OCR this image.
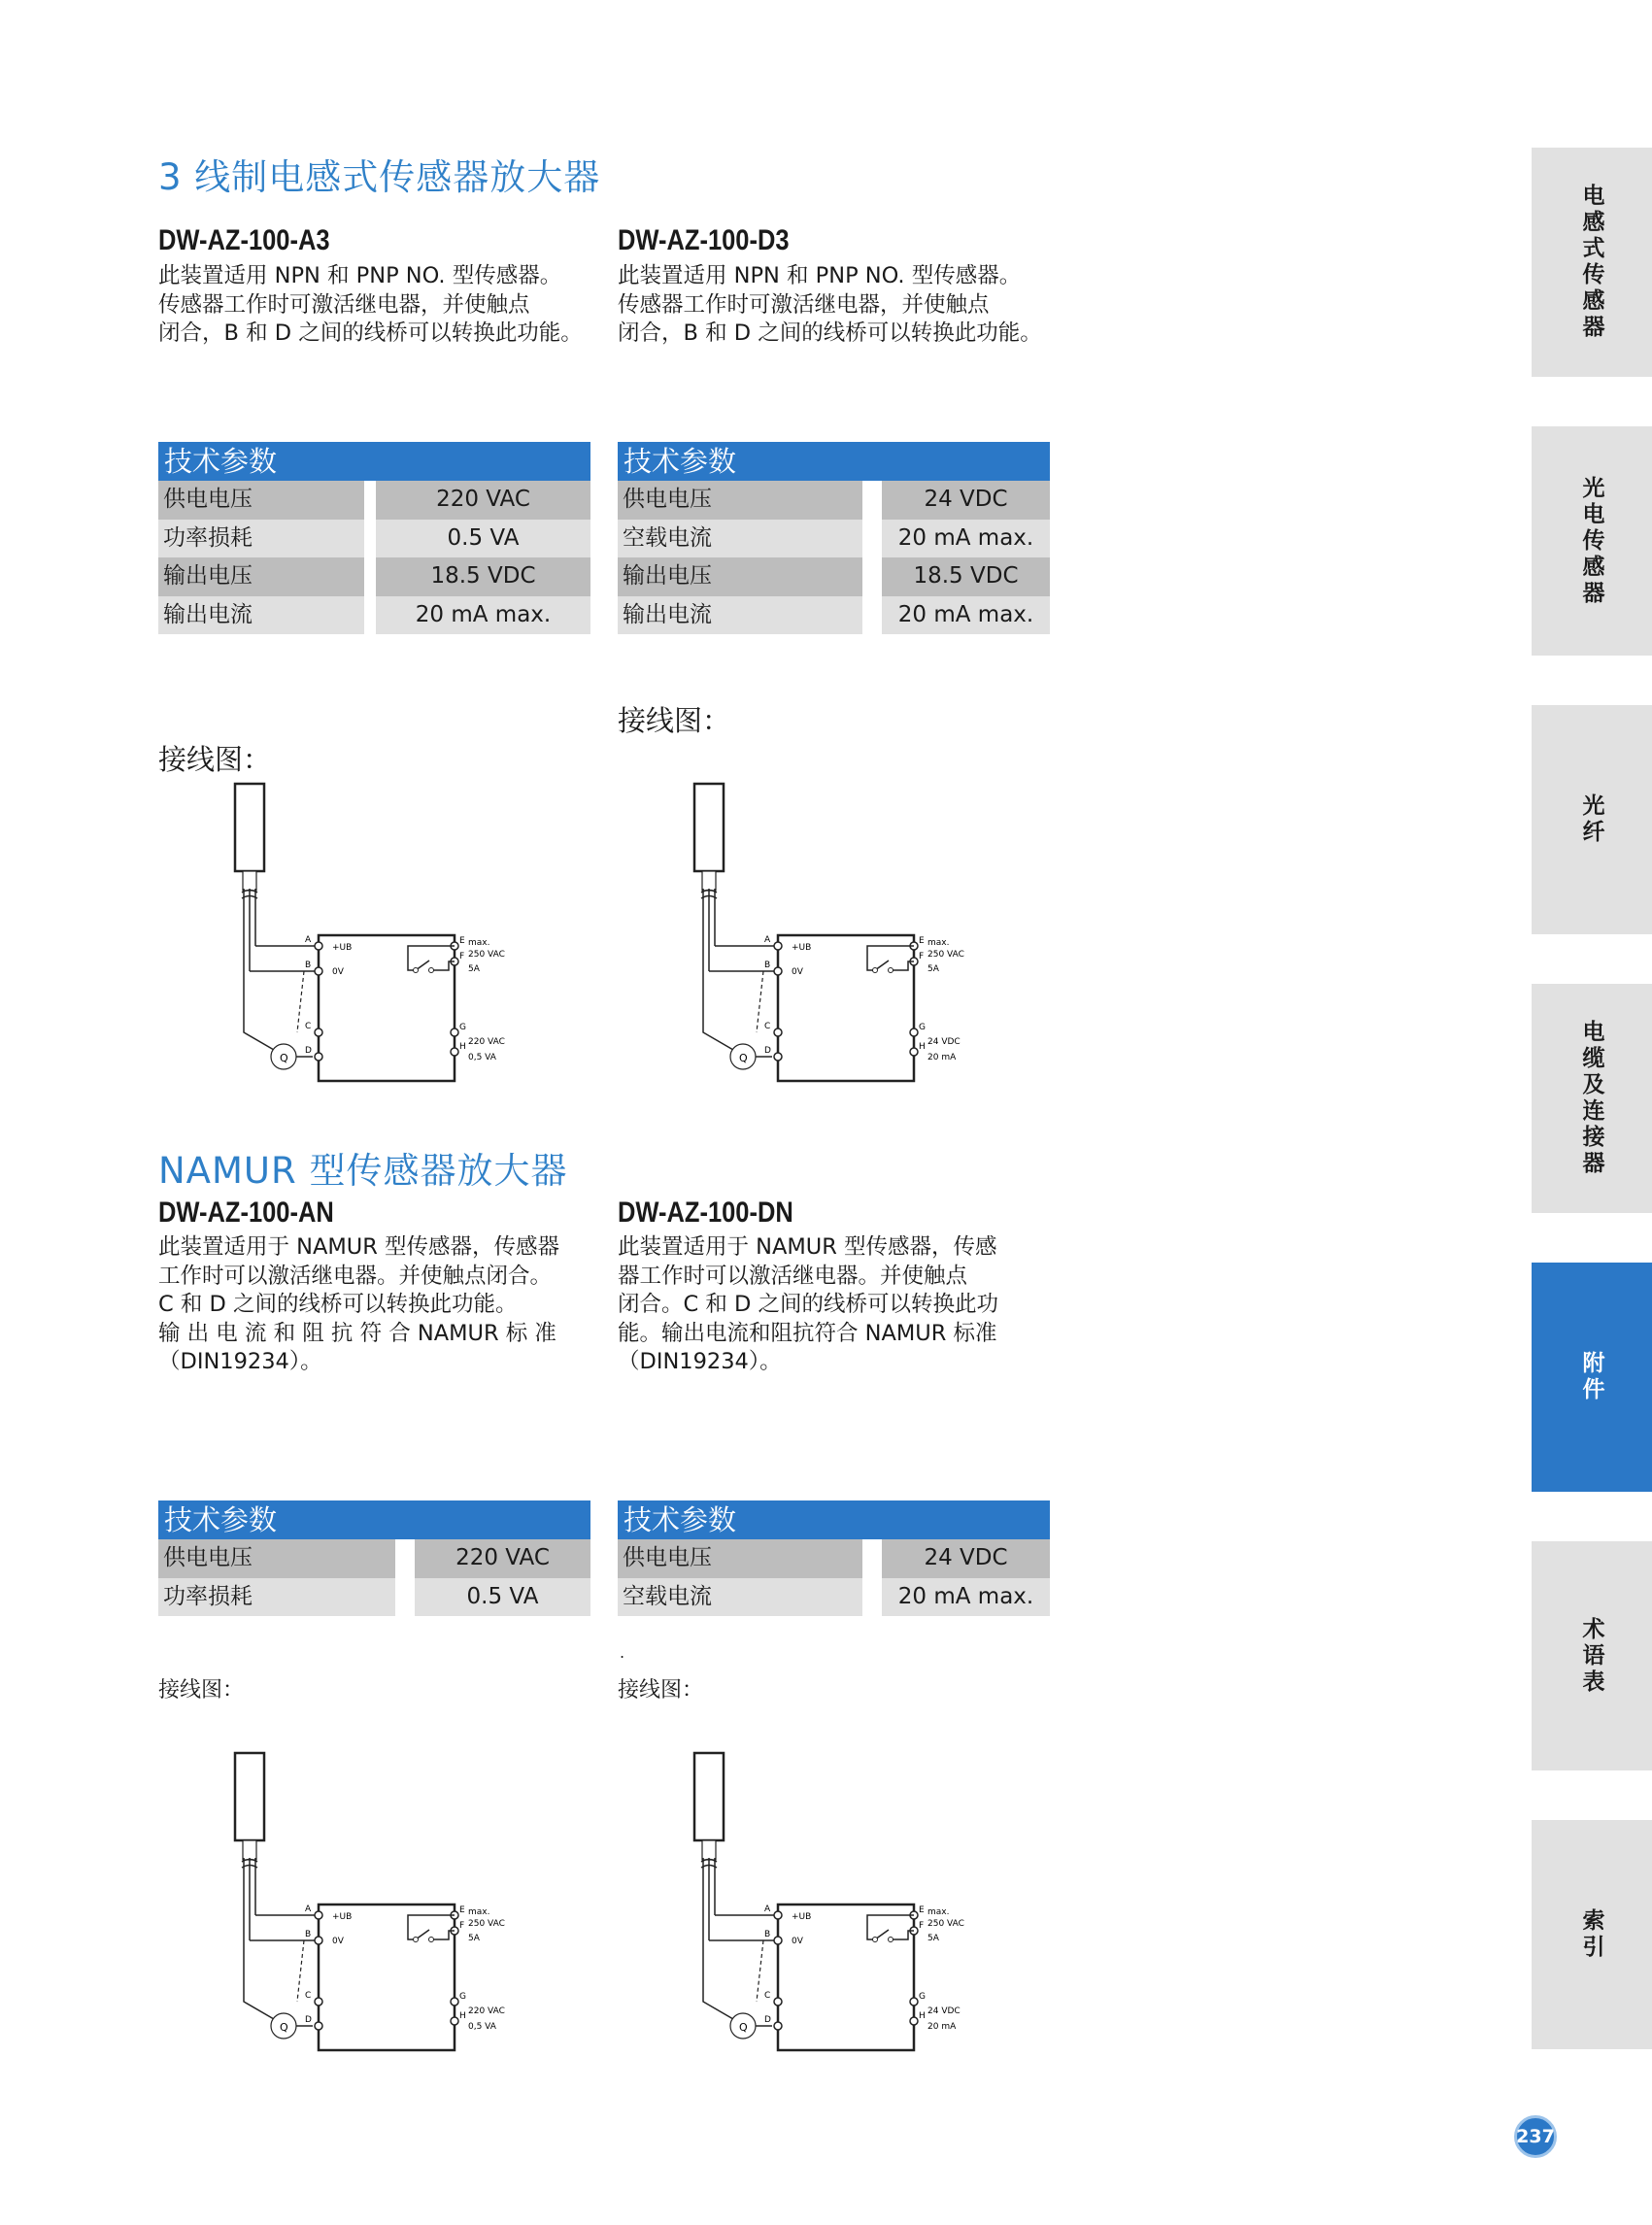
3 线制电感式传感器放大器
DW-AZ-100-A3
此装置适用 NPN 和 PNP NO. 型传感器。
传感器工作时可激活继电器，并使触点
闭合，B 和 D 之间的线桥可以转换此功能。
技术参数
供电电压	220 VAC
功率损耗	0.5 VA
输出电压	18.5 VDC
输出电流	20 mA max.
接线图：
DW-AZ-100-D3
此装置适用 NPN 和 PNP NO. 型传感器。
传感器工作时可激活继电器，并使触点
闭合，B 和 D 之间的线桥可以转换此功能。
技术参数
供电电压	24 VDC
空载电流	20 mA max.
输出电压	18.5 VDC
输出电流	20 mA max.
接线图：
NAMUR 型传感器放大器
DW-AZ-100-AN
此装置适用于 NAMUR 型传感器，传感器
工作时可以激活继电器。并使触点闭合。
C 和 D 之间的线桥可以转换此功能。
输 出 电 流 和 阻 抗 符 合 NAMUR 标 准
（DIN19234）。
技术参数
供电电压	220 VAC
功率损耗	0.5 VA
接线图：
DW-AZ-100-DN
此装置适用于 NAMUR 型传感器，传感
器工作时可以激活继电器。并使触点
闭合。C 和 D 之间的线桥可以转换此功
能。输出电流和阻抗符合 NAMUR 标准
（DIN19234）。
技术参数
供电电压	24 VDC
空载电流	20 mA max.
.
接线图：
Q
A
B
C
D
E
F
G
H
+UB
0V
max.
250 VAC
5A
220 VAC
0,5 VA	Q
A
B
C
D
E
F
G
H
+UB
0V
max.
250 VAC
5A
24 VDC
20 mA
Q
A
B
C
D
E
F
G
H
+UB
0V
max.
250 VAC
5A
220 VAC
0,5 VA	Q
A
B
C
D
E
F
G
H
+UB
0V
max.
250 VAC
5A
24 VDC
20 mA
电感式传感器
光电传感器
光纤
电缆及连接器
附件
术语表
索引
237
